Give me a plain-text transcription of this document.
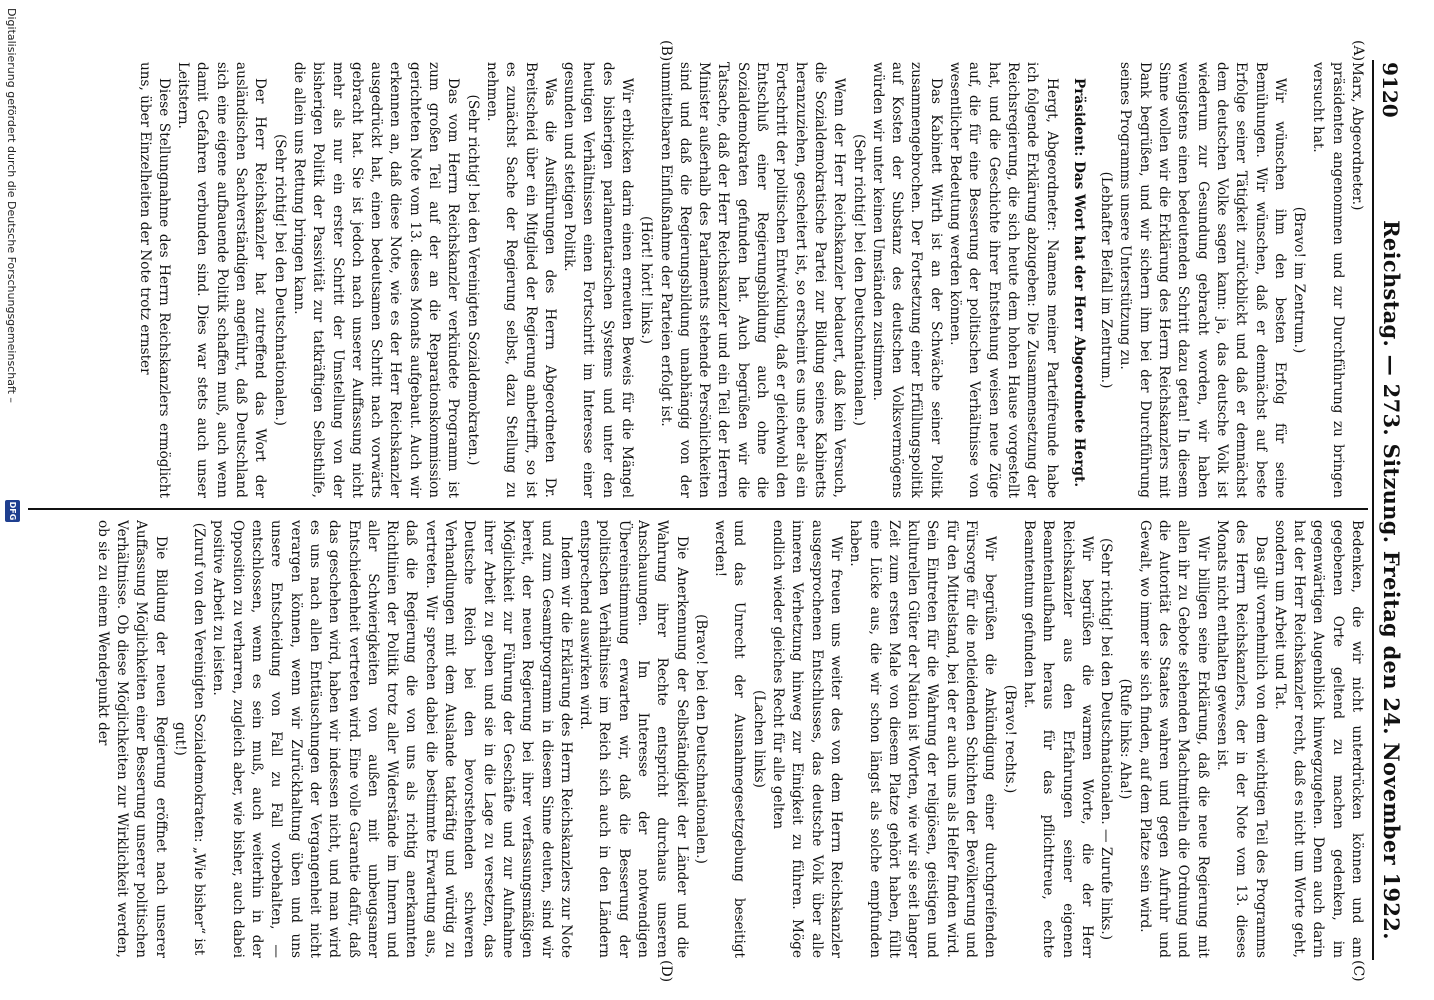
9120
Reichstag. — 273. Sitzung. Freitag den 24. November 1922.
(A)
(B)
(C)
(D)

Marx, Abgeordneter.)

präsidenten angenommen und zur Durchführung zu bringen versucht hat.

(Bravo! im Zentrum.)

Wir wünschen ihm den besten Erfolg für seine Bemühungen. Wir wünschen, daß er demnächst auf beste Erfolge seiner Tätigkeit zurückblickt und daß er demnächst dem deutschen Volke sagen kann: ja, das deutsche Volk ist wiederum zur Gesundung gebracht worden, wir haben wenigstens einen bedeutenden Schritt dazu getan! In diesem Sinne wollen wir die Erklärung des Herrn Reichskanzlers mit Dank begrüßen, und wir sichern ihm bei der Durchführung seines Programms unsere Unterstützung zu.

(Lebhafter Beifall im Zentrum.)

Präsident: Das Wort hat der Herr Abgeordnete Hergt.

Hergt, Abgeordneter: Namens meiner Parteifreunde habe ich folgende Erklärung abzugeben: Die Zusammensetzung der Reichsregierung, die sich heute dem hohen Hause vorgestellt hat, und die Geschichte ihrer Entstehung weisen neue Züge auf, die für eine Besserung der politischen Verhältnisse von wesentlicher Bedeutung werden können.

Das Kabinett Wirth ist an der Schwäche seiner Politik zusammengebrochen. Der Fortsetzung einer Erfüllungspolitik auf Kosten der Substanz des deutschen Volksvermögens würden wir unter keinen Umständen zustimmen.

(Sehr richtig! bei den Deutschnationalen.)

Wenn der Herr Reichskanzler bedauert, daß kein Versuch, die Sozialdemokratische Partei zur Bildung seines Kabinetts heranzuziehen, gescheitert ist, so erscheint es uns eher als ein Fortschritt der politischen Entwicklung, daß er gleichwohl den Entschluß einer Regierungsbildung auch ohne die Sozialdemokraten gefunden hat. Auch begrüßen wir die Tatsache, daß der Herr Reichskanzler und ein Teil der Herren Minister außerhalb des Parlaments stehende Persönlichkeiten sind und daß die Regierungsbildung unabhängig von der unmittelbaren Einflußnahme der Parteien erfolgt ist.

(Hört! hört! links.)

Wir erblicken darin einen erneuten Beweis für die Mängel des bisherigen parlamentarischen Systems und unter den heutigen Verhältnissen einen Fortschritt im Interesse einer gesunden und stetigen Politik.

Was die Ausführungen des Herrn Abgeordneten Dr. Breitscheid über ein Mitglied der Regierung anbetrifft, so ist es zunächst Sache der Regierung selbst, dazu Stellung zu nehmen.

(Sehr richtig! bei den Vereinigten Sozialdemokraten.)

Das vom Herrn Reichskanzler verkündete Programm ist zum großen Teil auf der an die Reparationskommission gerichteten Note vom 13. dieses Monats aufgebaut. Auch wir erkennen an, daß diese Note, wie es der Herr Reichskanzler ausgedrückt hat, einen bedeutsamen Schritt nach vorwärts gebracht hat. Sie ist jedoch nach unserer Auffassung nicht mehr als nur ein erster Schritt der Umstellung von der bisherigen Politik der Passivität zur tatkräftigen Selbsthilfe, die allein uns Rettung bringen kann.

(Sehr richtig! bei den Deutschnationalen.)

Der Herr Reichskanzler hat zutreffend das Wort der ausländischen Sachverständigen angeführt, daß Deutschland sich eine eigene aufbauende Politik schaffen muß, auch wenn damit Gefahren verbunden sind. Dies war stets auch unser Leitstern.

Diese Stellungnahme des Herrn Reichskanzlers ermöglicht uns, über Einzelheiten der Note trotz ernster

Bedenken, die wir nicht unterdrücken können und am gegebenen Orte geltend zu machen gedenken, im gegenwärtigen Augenblick hinwegzugehen. Denn auch darin hat der Herr Reichskanzler recht, daß es nicht um Worte geht, sondern um Arbeit und Tat.

Das gilt vornehmlich von dem wichtigen Teil des Programms des Herrn Reichskanzlers, der in der Note vom 13. dieses Monats nicht enthalten gewesen ist.

Wir billigen seine Erklärung, daß die neue Regierung mit allen ihr zu Gebote stehenden Machtmitteln die Ordnung und die Autorität des Staates wahren und gegen Aufruhr und Gewalt, wo immer sie sich finden, auf dem Platze sein wird.

(Rufe links: Aha!)

(Sehr richtig! bei den Deutschnationalen. — Zurufe links.)

Wir begrüßen die warmen Worte, die der Herr Reichskanzler aus den Erfahrungen seiner eigenen Beamtenlaufbahn heraus für das pflichttreue, echte Beamtentum gefunden hat.

(Bravo! rechts.)

Wir begrüßen die Ankündigung einer durchgreifenden Fürsorge für die notleidenden Schichten der Bevölkerung und für den Mittelstand, bei der er auch uns als Helfer finden wird. Sein Eintreten für die Wahrung der religiösen, geistigen und kulturellen Güter der Nation ist Worten, wie wir sie seit langer Zeit zum ersten Male von diesem Platze gehört haben, füllt eine Lücke aus, die wir schon längst als solche empfunden haben.

Wir freuen uns weiter des von dem Herrn Reichskanzler ausgesprochenen Entschlusses, das deutsche Volk über alle inneren Verhetzung hinweg zur Einigkeit zu führen. Möge endlich wieder gleiches Recht für alle gelten

(Lachen links)

und das Unrecht der Ausnahmegesetzgebung beseitigt werden!

(Bravo! bei den Deutschnationalen.)

Die Anerkennung der Selbständigkeit der Länder und die Wahrung ihrer Rechte entspricht durchaus unseren Anschauungen. Im Interesse der notwendigen Übereinstimmung erwarten wir, daß die Besserung der politischen Verhältnisse im Reich sich auch in den Ländern entsprechend auswirken wird.

Indem wir die Erklärung des Herrn Reichskanzlers zur Note und zum Gesamtprogramm in diesem Sinne deuten, sind wir bereit, der neuen Regierung bei ihrer verfassungsmäßigen Möglichkeit zur Führung der Geschäfte und zur Aufnahme ihrer Arbeit zu geben und sie in die Lage zu versetzen, das Deutsche Reich bei den bevorstehenden schweren Verhandlungen mit dem Auslande tatkräftig und würdig zu vertreten. Wir sprechen dabei die bestimmte Erwartung aus, daß die Regierung die von uns als richtig anerkannten Richtlinien der Politik trotz aller Widerstände im Innern und aller Schwierigkeiten von außen mit unbeugsamer Entschiedenheit vertreten wird. Eine volle Garantie dafür, daß das geschehen wird, haben wir indessen nicht, und man wird es uns nach allen Enttäuschungen der Vergangenheit nicht verargen können, wenn wir Zurückhaltung üben und uns unsere Entscheidung von Fall zu Fall vorbehalten, — entschlossen, wenn es sein muß, auch weiterhin in der Opposition zu verharren, zugleich aber, wie bisher, auch dabei positive Arbeit zu leisten.

(Zuruf von den Vereinigten Sozialdemokraten: „Wie bisher“ ist gut!)

Die Bildung der neuen Regierung eröffnet nach unserer Auffassung Möglichkeiten einer Besserung unserer politischen Verhältnisse. Ob diese Möglichkeiten zur Wirklichkeit werden, ob sie zu einem Wendepunkt der

Digitalisierung gefördert durch die Deutsche Forschungsgemeinschaft –
DFG
